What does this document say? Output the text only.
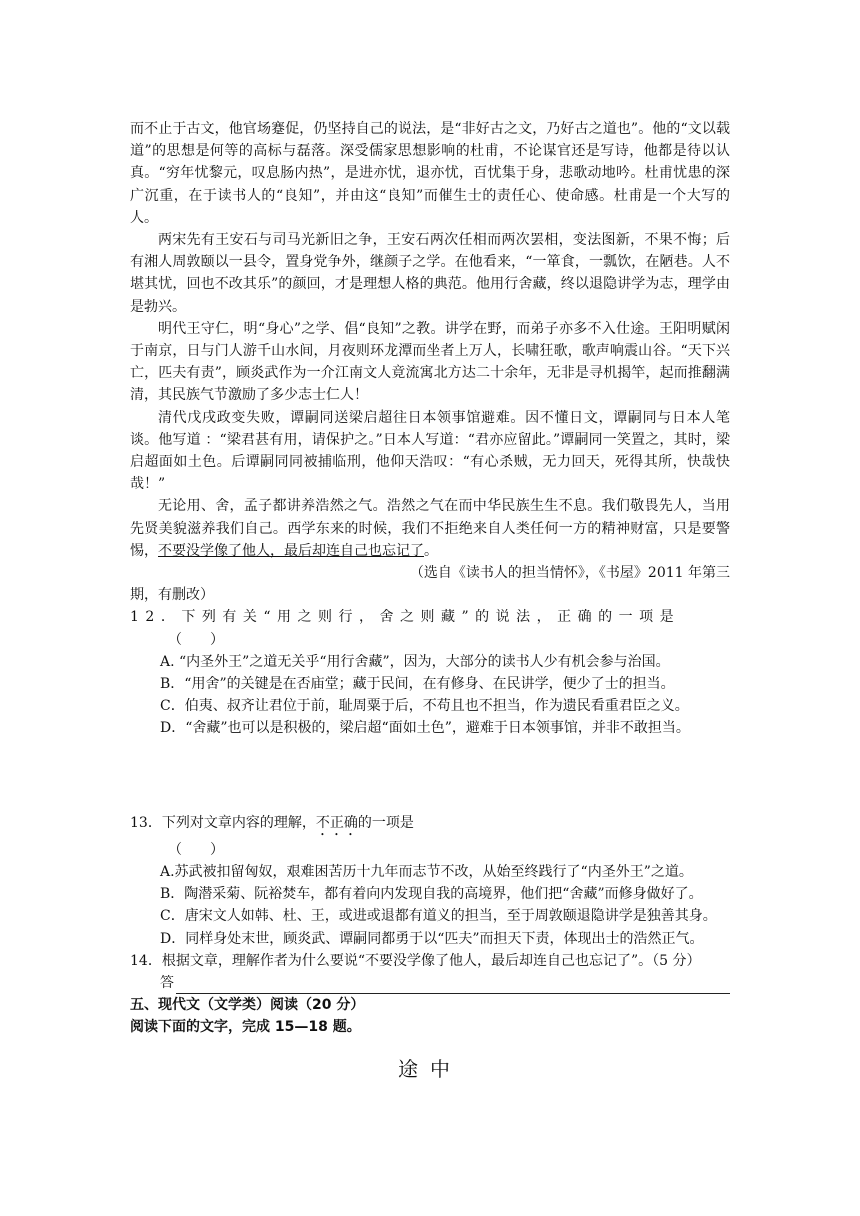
而不止于古文，他官场蹇促，仍坚持自己的说法，是“非好古之文，乃好古之道也”。他的“文以载道”的思想是何等的高标与磊落。深受儒家思想影响的杜甫，不论谋官还是写诗，他都是待以认真。“穷年忧黎元，叹息肠内热”，是进亦忧，退亦忧，百忧集于身，悲歌动地吟。杜甫忧患的深广沉重，在于读书人的“良知”，并由这“良知”而催生士的责任心、使命感。杜甫是一个大写的人。

两宋先有王安石与司马光新旧之争，王安石两次任相而两次罢相，变法图新，不果不悔；后有湘人周敦颐以一县令，置身党争外，继颜子之学。在他看来，“一箪食，一瓢饮，在陋巷。人不堪其忧，回也不改其乐”的颜回，才是理想人格的典范。他用行舍藏，终以退隐讲学为志，理学由是勃兴。

明代王守仁，明“身心”之学、倡“良知”之教。讲学在野，而弟子亦多不入仕途。王阳明赋闲于南京，日与门人游千山水间，月夜则环龙潭而坐者上万人，长啸狂歌，歌声响震山谷。“天下兴亡，匹夫有责”，顾炎武作为一介江南文人竟流寓北方达二十余年，无非是寻机揭竿，起而推翻满清，其民族气节激励了多少志士仁人！

清代戊戌政变失败，谭嗣同送梁启超往日本领事馆避难。因不懂日文，谭嗣同与日本人笔谈。他写道 ：“梁君甚有用，请保护之。”日本人写道：“君亦应留此。”谭嗣同一笑置之，其时，梁启超面如土色。后谭嗣同同被捕临刑，他仰天浩叹：“有心杀贼，无力回天，死得其所，快哉快哉！”

无论用、舍，孟子都讲养浩然之气。浩然之气在而中华民族生生不息。我们敬畏先人，当用先贤美貌滋养我们自己。西学东来的时候，我们不拒绝来自人类任何一方的精神财富，只是要警惕，不要没学像了他人，最后却连自己也忘记了。

（选自《读书人的担当情怀》，《书屋》2011 年第三

期，有删改）

12．下列有关“用之则行，舍之则藏”的说法，正确的一项是

（　　）

A. “内圣外王”之道无关乎“用行舍藏”，因为，大部分的读书人少有机会参与治国。

B．“用舍”的关键是在否庙堂；藏于民间，在有修身、在民讲学，便少了士的担当。

C．伯夷、叔齐让君位于前，耻周粟于后，不苟且也不担当，作为遗民看重君臣之义。

D．“舍藏”也可以是积极的，梁启超“面如土色”，避难于日本领事馆，并非不敢担当。

13．下列对文章内容的理解，不正确的一项是

（　　）

A.苏武被扣留匈奴，艰难困苦历十九年而志节不改，从始至终践行了“内圣外王”之道。

B．陶潜采菊、阮裕焚车，都有着向内发现自我的高境界，他们把“舍藏”而修身做好了。

C．唐宋文人如韩、杜、王，或进或退都有道义的担当，至于周敦颐退隐讲学是独善其身。

D．同样身处末世，顾炎武、谭嗣同都勇于以“匹夫”而担天下责，体现出士的浩然正气。

14．根据文章，理解作者为什么要说“不要没学像了他人，最后却连自己也忘记了”。（5 分）

答

五、现代文（文学类）阅读（20 分）

阅读下面的文字，完成 15—18 题。

途中
